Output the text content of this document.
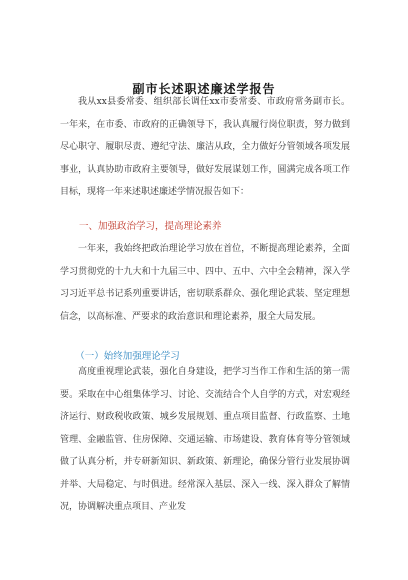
副市长述职述廉述学报告

我从xx县委常委、组织部长调任xx市委常委、市政府常务副市长。一年来，在市委、市政府的正确领导下，我认真履行岗位职责，努力做到尽心职守、履职尽责、遵纪守法、廉洁从政，全力做好分管领域各项发展事业，认真协助市政府主要领导，做好发展谋划工作，圆满完成各项工作目标，现将一年来述职述廉述学情况报告如下：

一、加强政治学习，提高理论素养

一年来，我始终把政治理论学习放在首位，不断提高理论素养，全面学习贯彻党的十九大和十九届三中、四中、五中、六中全会精神，深入学习习近平总书记系列重要讲话，密切联系群众、强化理论武装、坚定理想信念，以高标准、严要求的政治意识和理论素养，服全大局发展。

（一）始终加强理论学习

高度重视理论武装，强化自身建设，把学习当作工作和生活的第一需要。采取在中心组集体学习、讨论、交流结合个人自学的方式，对宏观经济运行、财政税收政策、城乡发展规划、重点项目监督、行政监察、土地管理、金融监管、住房保障、交通运输、市场建设、教育体育等分管领域做了认真分析，并专研新知识、新政策、新理论，确保分管行业发展协调并举、大局稳定、与时俱进。经常深入基层、深入一线、深入群众了解情况，协调解决重点项目、产业发
